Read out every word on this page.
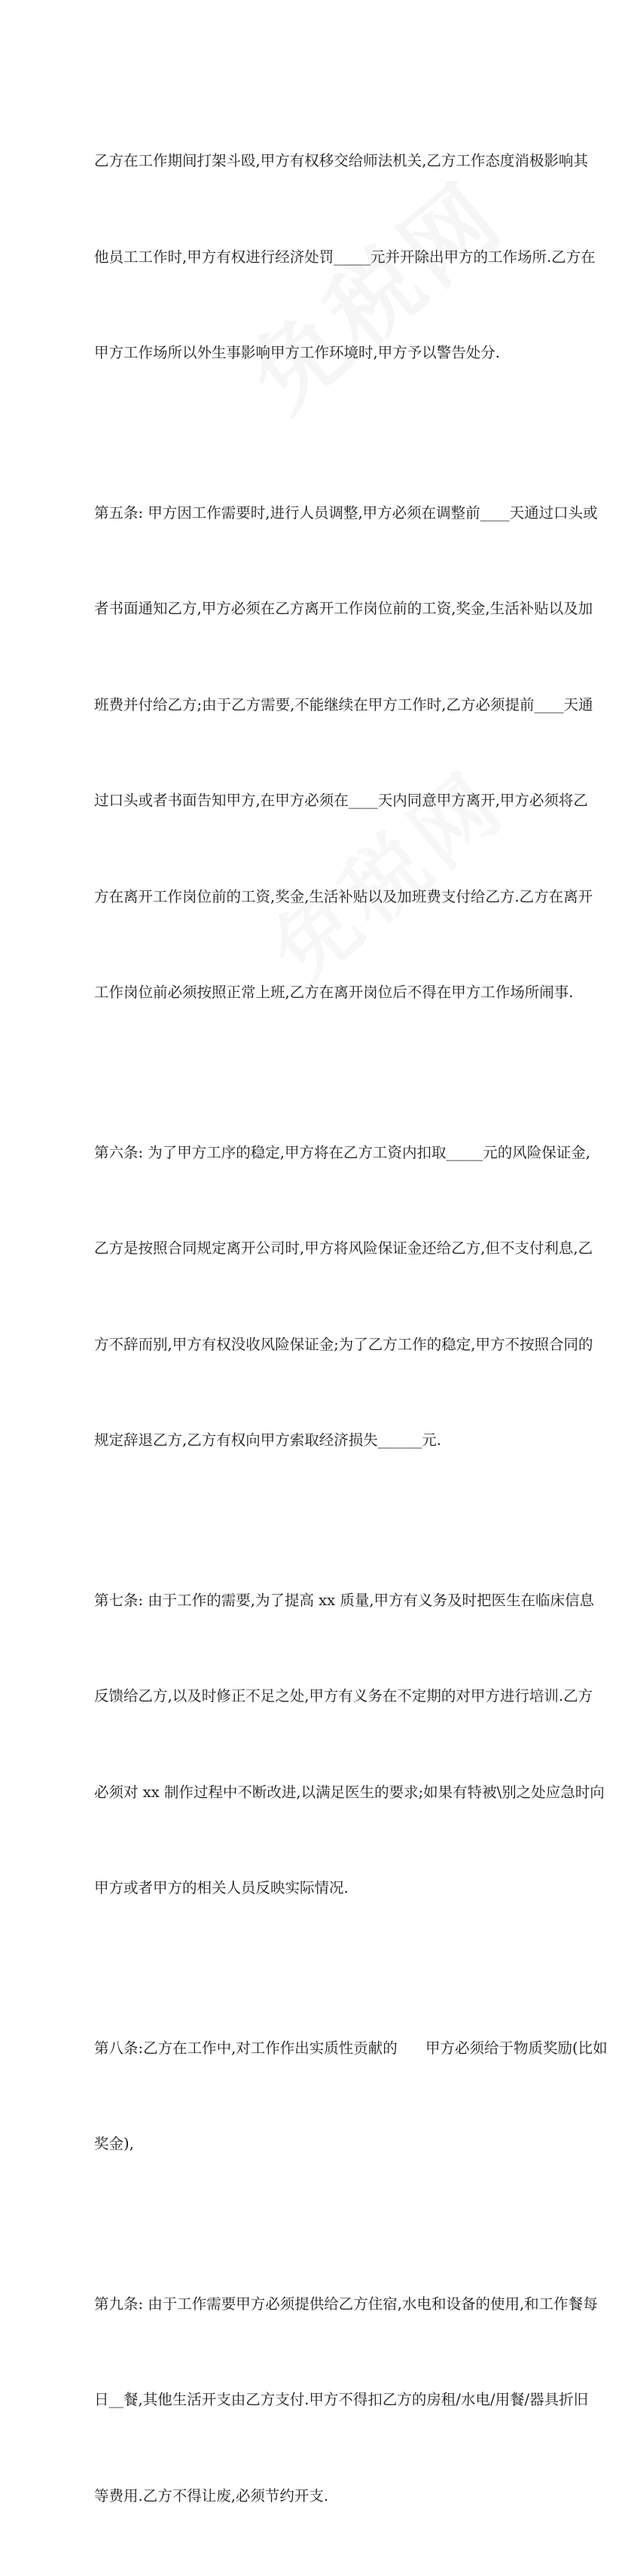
乙方在工作期间打架斗殴,甲方有权移交给师法机关,乙方工作态度消极影响其

他员工工作时,甲方有权进行经济处罚_____元并开除出甲方的工作场所.乙方在

甲方工作场所以外生事影响甲方工作环境时,甲方予以警告处分.

第五条: 甲方因工作需要时,进行人员调整,甲方必须在调整前____天通过口头或

者书面通知乙方,甲方必须在乙方离开工作岗位前的工资,奖金,生活补贴以及加

班费并付给乙方;由于乙方需要,不能继续在甲方工作时,乙方必须提前____天通

过口头或者书面告知甲方,在甲方必须在____天内同意甲方离开,甲方必须将乙

方在离开工作岗位前的工资,奖金,生活补贴以及加班费支付给乙方.乙方在离开

工作岗位前必须按照正常上班,乙方在离开岗位后不得在甲方工作场所闹事.

第六条: 为了甲方工序的稳定,甲方将在乙方工资内扣取_____元的风险保证金,

乙方是按照合同规定离开公司时,甲方将风险保证金还给乙方,但不支付利息,乙

方不辞而别,甲方有权没收风险保证金;为了乙方工作的稳定,甲方不按照合同的

规定辞退乙方,乙方有权向甲方索取经济损失______元.

第七条: 由于工作的需要,为了提高 xx 质量,甲方有义务及时把医生在临床信息

反馈给乙方,以及时修正不足之处,甲方有义务在不定期的对甲方进行培训.乙方

必须对 xx 制作过程中不断改进,以满足医生的要求;如果有特被\别之处应急时向

甲方或者甲方的相关人员反映实际情况.

第八条:乙方在工作中,对工作作出实质性贡献的      甲方必须给于物质奖励(比如

奖金),

第九条: 由于工作需要甲方必须提供给乙方住宿,水电和设备的使用,和工作餐每

日__餐,其他生活开支由乙方支付.甲方不得扣乙方的房租/水电/用餐/器具折旧

等费用.乙方不得让废,必须节约开支.
